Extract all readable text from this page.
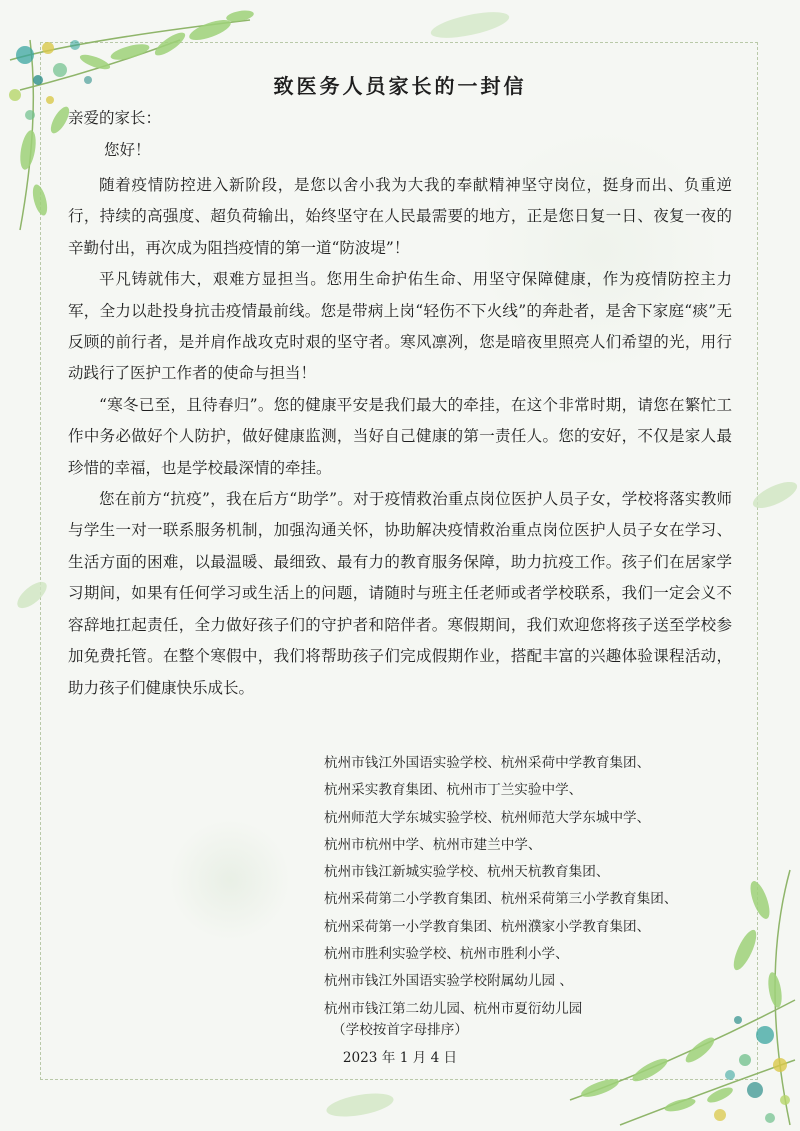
致医务人员家长的一封信
亲爱的家长：
您好！

随着疫情防控进入新阶段，是您以舍小我为大我的奉献精神坚守岗位，挺身而出、负重逆行，持续的高强度、超负荷输出，始终坚守在人民最需要的地方，正是您日复一日、夜复一夜的辛勤付出，再次成为阻挡疫情的第一道“防波堤”！

平凡铸就伟大，艰难方显担当。您用生命护佑生命、用坚守保障健康，作为疫情防控主力军，全力以赴投身抗击疫情最前线。您是带病上岗“轻伤不下火线”的奔赴者，是舍下家庭“痰”无反顾的前行者，是并肩作战攻克时艰的坚守者。寒风凛冽，您是暗夜里照亮人们希望的光，用行动践行了医护工作者的使命与担当！

“寒冬已至，且待春归”。您的健康平安是我们最大的牵挂，在这个非常时期，请您在繁忙工作中务必做好个人防护，做好健康监测，当好自己健康的第一责任人。您的安好，不仅是家人最珍惜的幸福，也是学校最深情的牵挂。

您在前方“抗疫”，我在后方“助学”。对于疫情救治重点岗位医护人员子女，学校将落实教师与学生一对一联系服务机制，加强沟通关怀，协助解决疫情救治重点岗位医护人员子女在学习、生活方面的困难，以最温暖、最细致、最有力的教育服务保障，助力抗疫工作。孩子们在居家学习期间，如果有任何学习或生活上的问题，请随时与班主任老师或者学校联系，我们一定会义不容辞地扛起责任，全力做好孩子们的守护者和陪伴者。寒假期间，我们欢迎您将孩子送至学校参加免费托管。在整个寒假中，我们将帮助孩子们完成假期作业，搭配丰富的兴趣体验课程活动，助力孩子们健康快乐成长。

杭州市钱江外国语实验学校、杭州采荷中学教育集团、
杭州采实教育集团、杭州市丁兰实验中学、
杭州师范大学东城实验学校、杭州师范大学东城中学、
杭州市杭州中学、杭州市建兰中学、
杭州市钱江新城实验学校、杭州天杭教育集团、
杭州采荷第二小学教育集团、杭州采荷第三小学教育集团、
杭州采荷第一小学教育集团、杭州濮家小学教育集团、
杭州市胜利实验学校、杭州市胜利小学、
杭州市钱江外国语实验学校附属幼儿园 、
杭州市钱江第二幼儿园、杭州市夏衍幼儿园
（学校按首字母排序）
2023 年 1 月 4 日
